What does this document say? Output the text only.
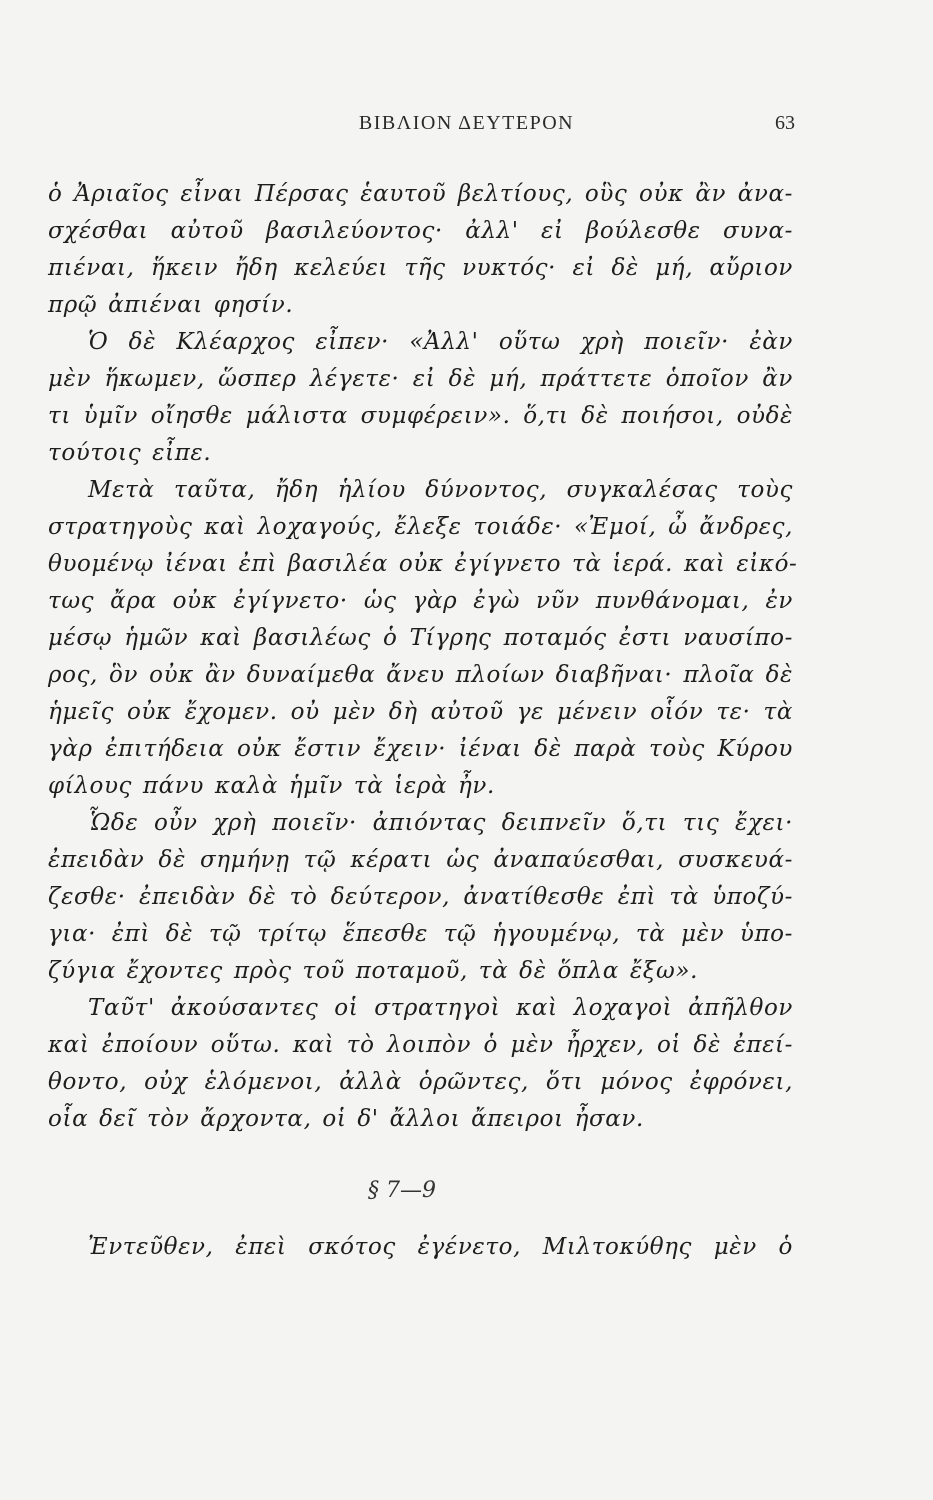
ΒΙΒΛΙΟΝ ΔΕΥΤΕΡΟΝ	63
ὁ Ἀριαῖος εἶναι Πέρσας ἑαυτοῦ βελτίους, οὓς οὐκ ἂν ἀνα-
σχέσθαι αὐτοῦ βασιλεύοντος· ἀλλ' εἰ βούλεσθε συνα-
πιέναι, ἥκειν ἤδη κελεύει τῆς νυκτός· εἰ δὲ μή, αὔριον
πρῷ ἀπιέναι φησίν.
Ὁ δὲ Κλέαρχος εἶπεν· «Ἀλλ' οὕτω χρὴ ποιεῖν· ἐὰν
μὲν ἥκωμεν, ὥσπερ λέγετε· εἰ δὲ μή, πράττετε ὁποῖον ἂν
τι ὑμῖν οἴησθε μάλιστα συμφέρειν». ὅ,τι δὲ ποιήσοι, οὐδὲ
τούτοις εἶπε.
Μετὰ ταῦτα, ἤδη ἡλίου δύνοντος, συγκαλέσας τοὺς
στρατηγοὺς καὶ λοχαγούς, ἔλεξε τοιάδε· «Ἐμοί, ὦ ἄνδρες,
θυομένῳ ἰέναι ἐπὶ βασιλέα οὐκ ἐγίγνετο τὰ ἱερά. καὶ εἰκό-
τως ἄρα οὐκ ἐγίγνετο· ὡς γὰρ ἐγὼ νῦν πυνθάνομαι, ἐν
μέσῳ ἡμῶν καὶ βασιλέως ὁ Τίγρης ποταμός ἐστι ναυσίπο-
ρος, ὃν οὐκ ἂν δυναίμεθα ἄνευ πλοίων διαβῆναι· πλοῖα δὲ
ἡμεῖς οὐκ ἔχομεν. οὐ μὲν δὴ αὐτοῦ γε μένειν οἷόν τε· τὰ
γὰρ ἐπιτήδεια οὐκ ἔστιν ἔχειν· ἰέναι δὲ παρὰ τοὺς Κύρου
φίλους πάνυ καλὰ ἡμῖν τὰ ἱερὰ ἦν.
Ὧδε οὖν χρὴ ποιεῖν· ἀπιόντας δειπνεῖν ὅ,τι τις ἔχει·
ἐπειδὰν δὲ σημήνῃ τῷ κέρατι ὡς ἀναπαύεσθαι, συσκευά-
ζεσθε· ἐπειδὰν δὲ τὸ δεύτερον, ἀνατίθεσθε ἐπὶ τὰ ὑποζύ-
για· ἐπὶ δὲ τῷ τρίτῳ ἕπεσθε τῷ ἡγουμένῳ, τὰ μὲν ὑπο-
ζύγια ἔχοντες πρὸς τοῦ ποταμοῦ, τὰ δὲ ὅπλα ἔξω».
Ταῦτ' ἀκούσαντες οἱ στρατηγοὶ καὶ λοχαγοὶ ἀπῆλθον
καὶ ἐποίουν οὕτω. καὶ τὸ λοιπὸν ὁ μὲν ἦρχεν, οἱ δὲ ἐπεί-
θοντο, οὐχ ἑλόμενοι, ἀλλὰ ὁρῶντες, ὅτι μόνος ἐφρόνει,
οἷα δεῖ τὸν ἄρχοντα, οἱ δ' ἄλλοι ἄπειροι ἦσαν.
§ 7—9
Ἐντεῦθεν, ἐπεὶ σκότος ἐγένετο, Μιλτοκύθης μὲν ὁ
